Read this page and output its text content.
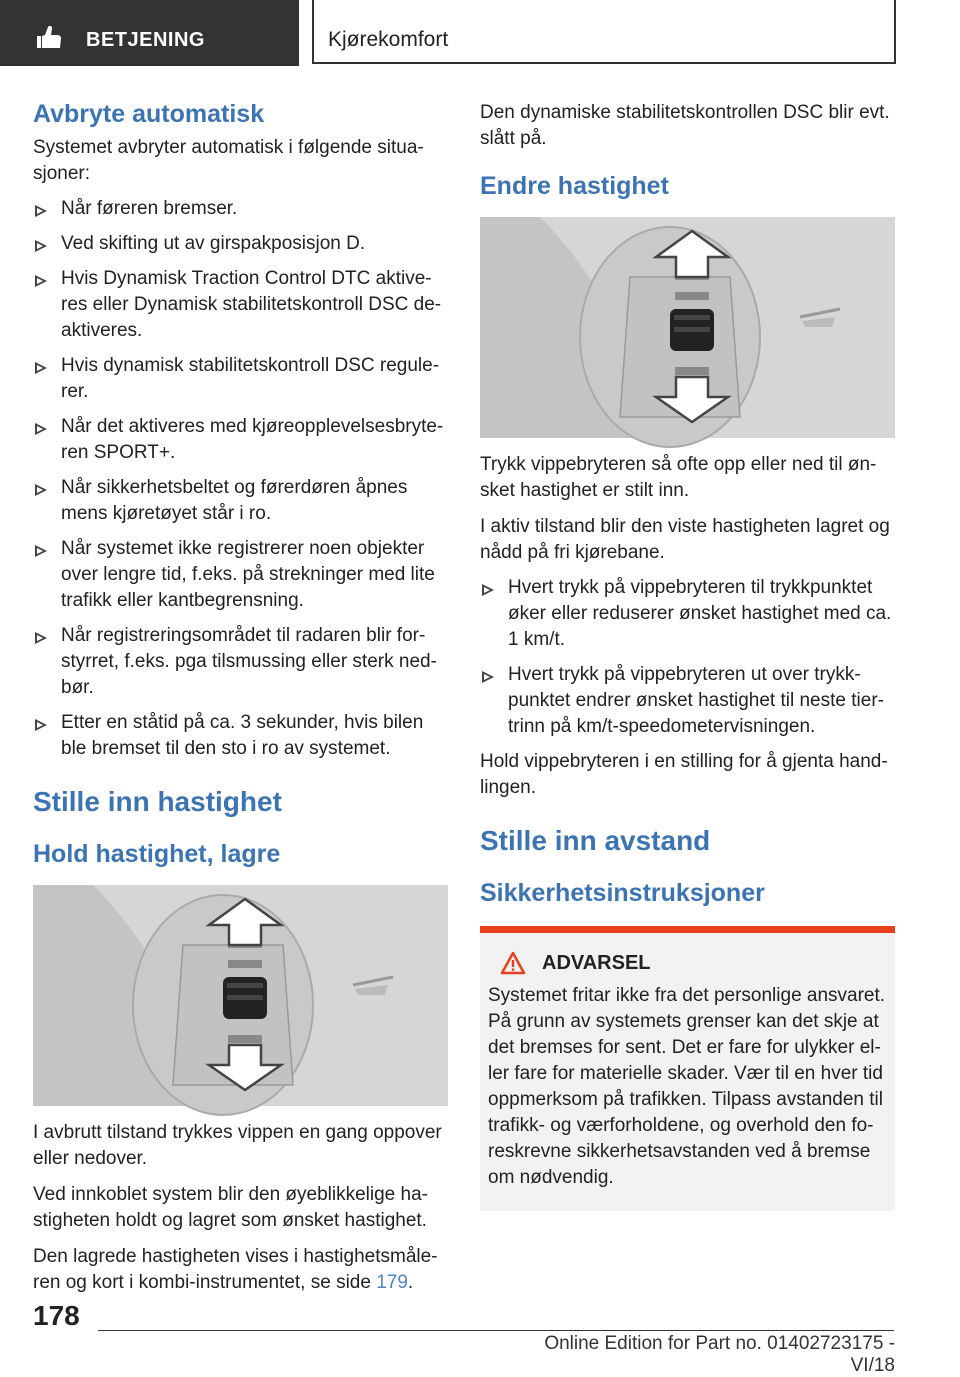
BETJENING	Kjørekomfort
Avbryte automatisk

Systemet avbryter automatisk i følgende situa-sjoner:

Når føreren bremser.
Ved skifting ut av girspakposisjon D.
Hvis Dynamisk Traction Control DTC aktive-res eller Dynamisk stabilitetskontroll DSC de-aktiveres.
Hvis dynamisk stabilitetskontroll DSC regule-rer.
Når det aktiveres med kjøreopplevelsesbryte-ren SPORT+.
Når sikkerhetsbeltet og førerdøren åpnes mens kjøretøyet står i ro.
Når systemet ikke registrerer noen objekter over lengre tid, f.eks. på strekninger med lite trafikk eller kantbegrensning.
Når registreringsområdet til radaren blir for-styrret, f.eks. pga tilsmussing eller sterk ned-bør.
Etter en ståtid på ca. 3 sekunder, hvis bilen ble bremset til den sto i ro av systemet.
Stille inn hastighet
Hold hastighet, lagre

I avbrutt tilstand trykkes vippen en gang oppover eller nedover.

Ved innkoblet system blir den øyeblikkelige ha-stigheten holdt og lagret som ønsket hastighet.

Den lagrede hastigheten vises i hastighetsmåle-ren og kort i kombi-instrumentet, se side 179.

Den dynamiske stabilitetskontrollen DSC blir evt. slått på.

Endre hastighet

Trykk vippebryteren så ofte opp eller ned til øn-sket hastighet er stilt inn.

I aktiv tilstand blir den viste hastigheten lagret og nådd på fri kjørebane.

Hvert trykk på vippebryteren til trykkpunktet øker eller reduserer ønsket hastighet med ca. 1 km/t.
Hvert trykk på vippebryteren ut over trykk-punktet endrer ønsket hastighet til neste tier-trinn på km/t-speedometervisningen.

Hold vippebryteren i en stilling for å gjenta hand-lingen.

Stille inn avstand
Sikkerhetsinstruksjoner
ADVARSEL

Systemet fritar ikke fra det personlige ansvaret. På grunn av systemets grenser kan det skje at det bremses for sent. Det er fare for ulykker el-ler fare for materielle skader. Vær til en hver tid oppmerksom på trafikken. Tilpass avstanden til trafikk- og værforholdene, og overhold den fo-reskrevne sikkerhetsavstanden ved å bremse om nødvendig.

178
Online Edition for Part no. 01402723175 - VI/18
